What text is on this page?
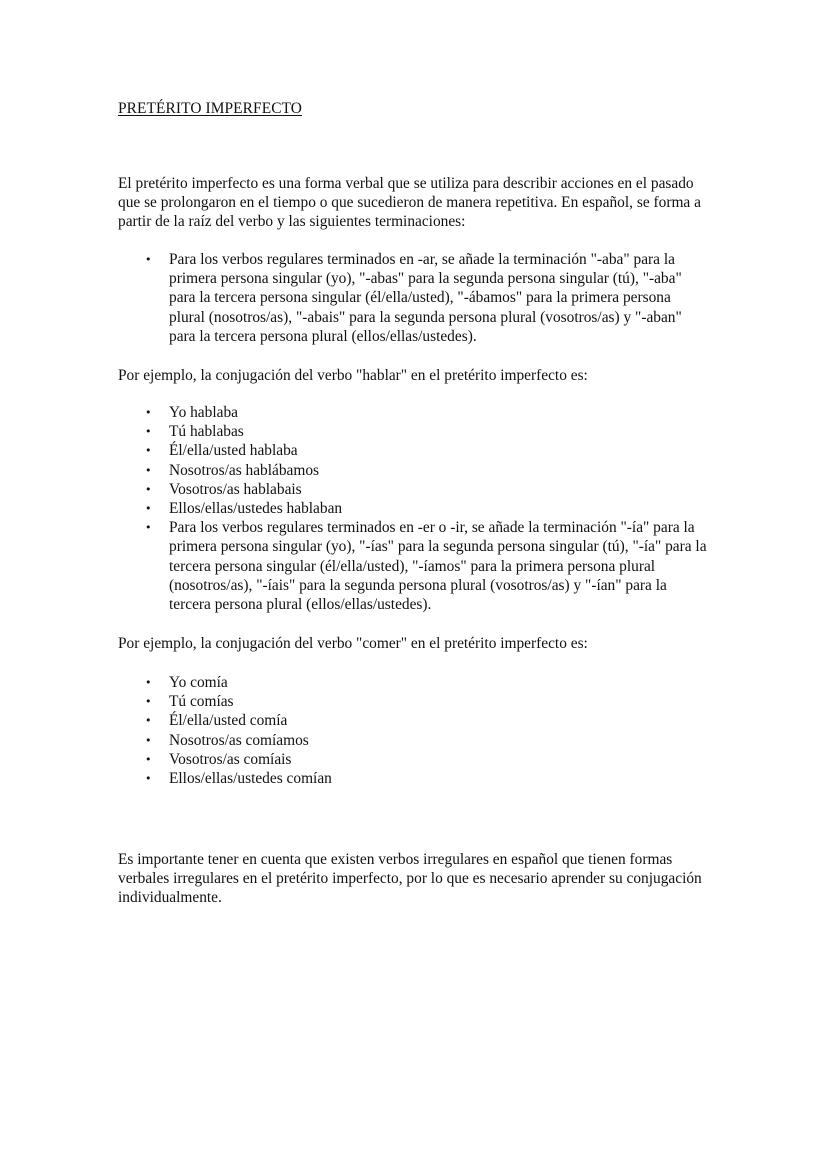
PRETÉRITO IMPERFECTO

El pretérito imperfecto es una forma verbal que se utiliza para describir acciones en el pasado que se prolongaron en el tiempo o que sucedieron de manera repetitiva. En español, se forma a partir de la raíz del verbo y las siguientes terminaciones:

• Para los verbos regulares terminados en -ar, se añade la terminación "-aba" para la primera persona singular (yo), "-abas" para la segunda persona singular (tú), "-aba" para la tercera persona singular (él/ella/usted), "-ábamos" para la primera persona plural (nosotros/as), "-abais" para la segunda persona plural (vosotros/as) y "-aban" para la tercera persona plural (ellos/ellas/ustedes).

Por ejemplo, la conjugación del verbo "hablar" en el pretérito imperfecto es:

• Yo hablaba
• Tú hablabas
• Él/ella/usted hablaba
• Nosotros/as hablábamos
• Vosotros/as hablabais
• Ellos/ellas/ustedes hablaban
• Para los verbos regulares terminados en -er o -ir, se añade la terminación "-ía" para la primera persona singular (yo), "-ías" para la segunda persona singular (tú), "-ía" para la tercera persona singular (él/ella/usted), "-íamos" para la primera persona plural (nosotros/as), "-íais" para la segunda persona plural (vosotros/as) y "-ían" para la tercera persona plural (ellos/ellas/ustedes).

Por ejemplo, la conjugación del verbo "comer" en el pretérito imperfecto es:

• Yo comía
• Tú comías
• Él/ella/usted comía
• Nosotros/as comíamos
• Vosotros/as comíais
• Ellos/ellas/ustedes comían

Es importante tener en cuenta que existen verbos irregulares en español que tienen formas verbales irregulares en el pretérito imperfecto, por lo que es necesario aprender su conjugación individualmente.
